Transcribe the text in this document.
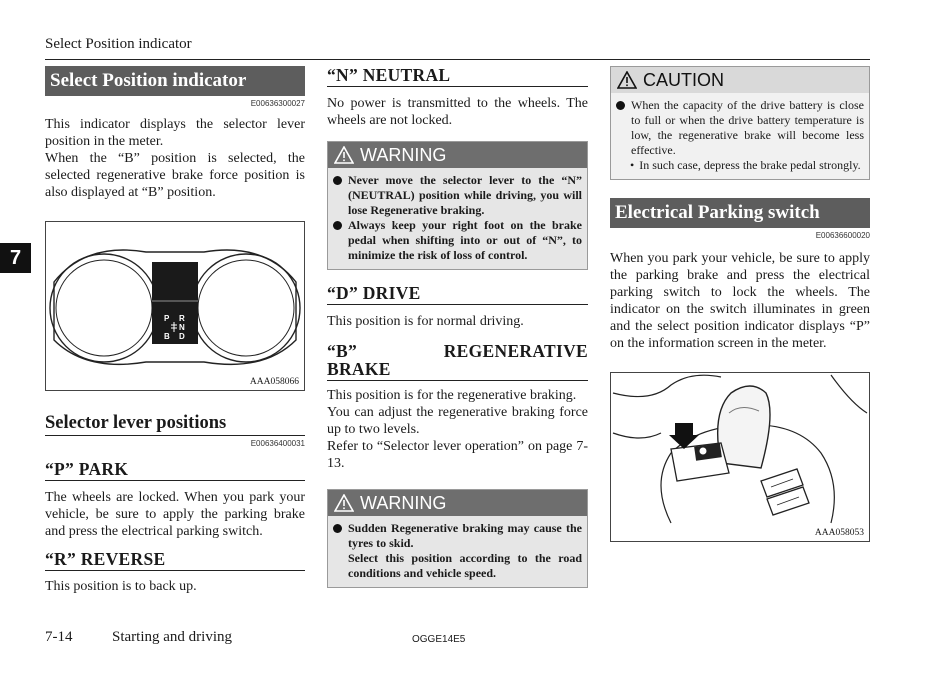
Select Position indicator
7
Select Position indicator
E00636300027

This indicator displays the selector lever position in the meter.

When the “B” position is selected, the selected regenerative brake force position is also displayed at “B” position.

P R
N
B D
AAA058066
Selector lever positions
E00636400031
“P” PARK

The wheels are locked. When you park your vehicle, be sure to apply the parking brake and press the electrical parking switch.

“R” REVERSE

This position is to back up.

“N” NEUTRAL

No power is transmitted to the wheels. The wheels are not locked.

WARNING
Never move the selector lever to the “N” (NEUTRAL) position while driving, you will lose Regenerative braking.
Always keep your right foot on the brake pedal when shifting into or out of “N”, to minimize the risk of loss of control.
“D” DRIVE

This position is for normal driving.

“B”	REGENERATIVE
BRAKE

This position is for the regenerative braking.

You can adjust the regenerative braking force up to two levels.

Refer to “Selector lever operation” on page 7-13.

WARNING
Sudden Regenerative braking may cause the tyres to skid.
Select this position according to the road conditions and vehicle speed.
CAUTION
When the capacity of the drive battery is close to full or when the drive battery temperature is low, the regenerative brake will become less effective.
• In such case, depress the brake pedal strongly.
Electrical Parking switch
E00636600020

When you park your vehicle, be sure to apply the parking brake and press the electrical parking switch to lock the wheels. The indicator on the switch illuminates in green and the select position indicator displays “P” on the information screen in the meter.

AAA058053
7-14	Starting and driving	OGGE14E5
